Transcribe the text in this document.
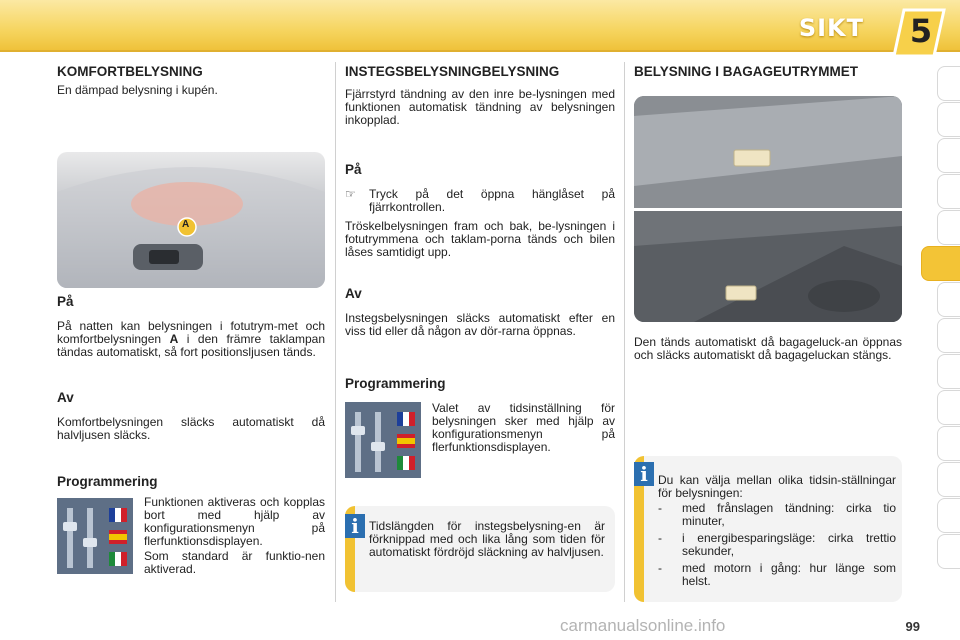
SIKT 5
KOMFORTBELYSNING

En dämpad belysning i kupén.

A
På

På natten kan belysningen i fotutrym-met och komfortbelysningen A i den främre taklampan tändas automatiskt, så fort positionsljusen tänds.

Av

Komfortbelysningen släcks automatiskt då halvljusen släcks.

Programmering

Funktionen aktiveras och kopplas bort med hjälp av konfigurationsmenyn på flerfunktionsdisplayen.

Som standard är funktio-nen aktiverad.

INSTEGSBELYSNINGBELYSNING

Fjärrstyrd tändning av den inre be-lysningen med funktionen automatisk tändning av belysningen inkopplad.

På
☞ Tryck på det öppna hänglåset på fjärrkontrollen.

Tröskelbelysningen fram och bak, be-lysningen i fotutrymmena och taklam-porna tänds och bilen låses samtidigt upp.

Av

Instegsbelysningen släcks automatiskt efter en viss tid eller då någon av dör-rarna öppnas.

Programmering

Valet av tidsinställning för belysningen sker med hjälp av konfigurationsmenyn på flerfunktionsdisplayen.

Tidslängden för instegsbelysning-en är förknippad med och lika lång som tiden för automatiskt fördröjd släckning av halvljusen.

i
BELYSNING I BAGAGEUTRYMMET

Den tänds automatiskt då bagageluck-an öppnas och släcks automatiskt då bagageluckan stängs.

Du kan välja mellan olika tidsin-ställningar för belysningen:

- med frånslagen tändning: cirka tio minuter,

- i energibesparingsläge: cirka trettio sekunder,

- med motorn i gång: hur länge som helst.

i
carmanualsonline.info	99
